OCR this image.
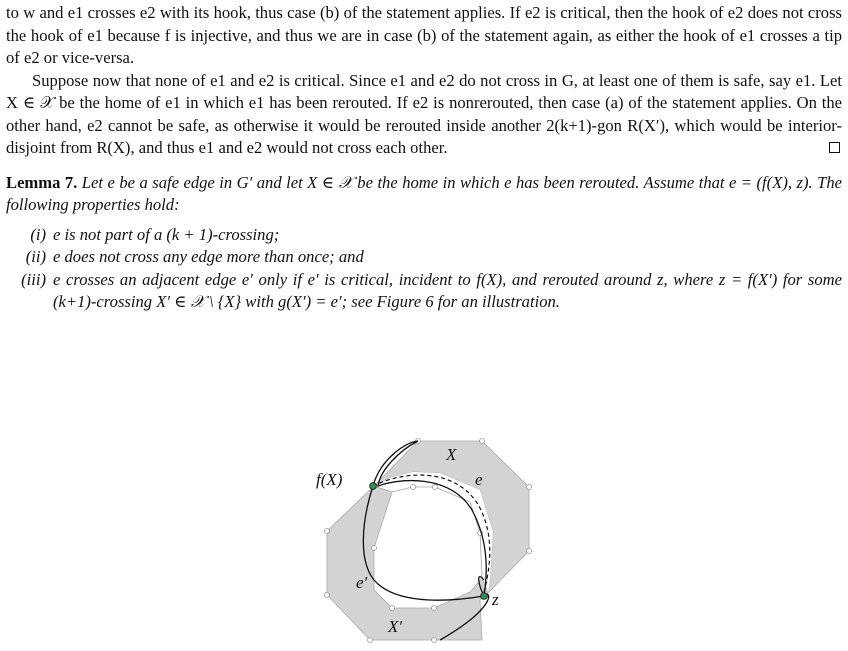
to w and e1 crosses e2 with its hook, thus case (b) of the statement applies. If e2 is critical, then the hook of e2 does not cross the hook of e1 because f is injective, and thus we are in case (b) of the statement again, as either the hook of e1 crosses a tip of e2 or vice-versa.

Suppose now that none of e1 and e2 is critical. Since e1 and e2 do not cross in G, at least one of them is safe, say e1. Let X ∈ 𝒳 be the home of e1 in which e1 has been rerouted. If e2 is nonrerouted, then case (a) of the statement applies. On the other hand, e2 cannot be safe, as otherwise it would be rerouted inside another 2(k+1)-gon R(X′), which would be interior-disjoint from R(X), and thus e1 and e2 would not cross each other.

Lemma 7. Let e be a safe edge in G′ and let X ∈ 𝒳 be the home in which e has been rerouted. Assume that e = (f(X), z). The following properties hold:

(i) e is not part of a (k + 1)-crossing;
(ii) e does not cross any edge more than once; and
(iii) e crosses an adjacent edge e′ only if e′ is critical, incident to f(X), and rerouted around z, where z = f(X′) for some (k+1)-crossing X′ ∈ 𝒳 \ {X} with g(X′) = e′; see Figure 6 for an illustration.
f(X)
X
e
e′
z
X′
